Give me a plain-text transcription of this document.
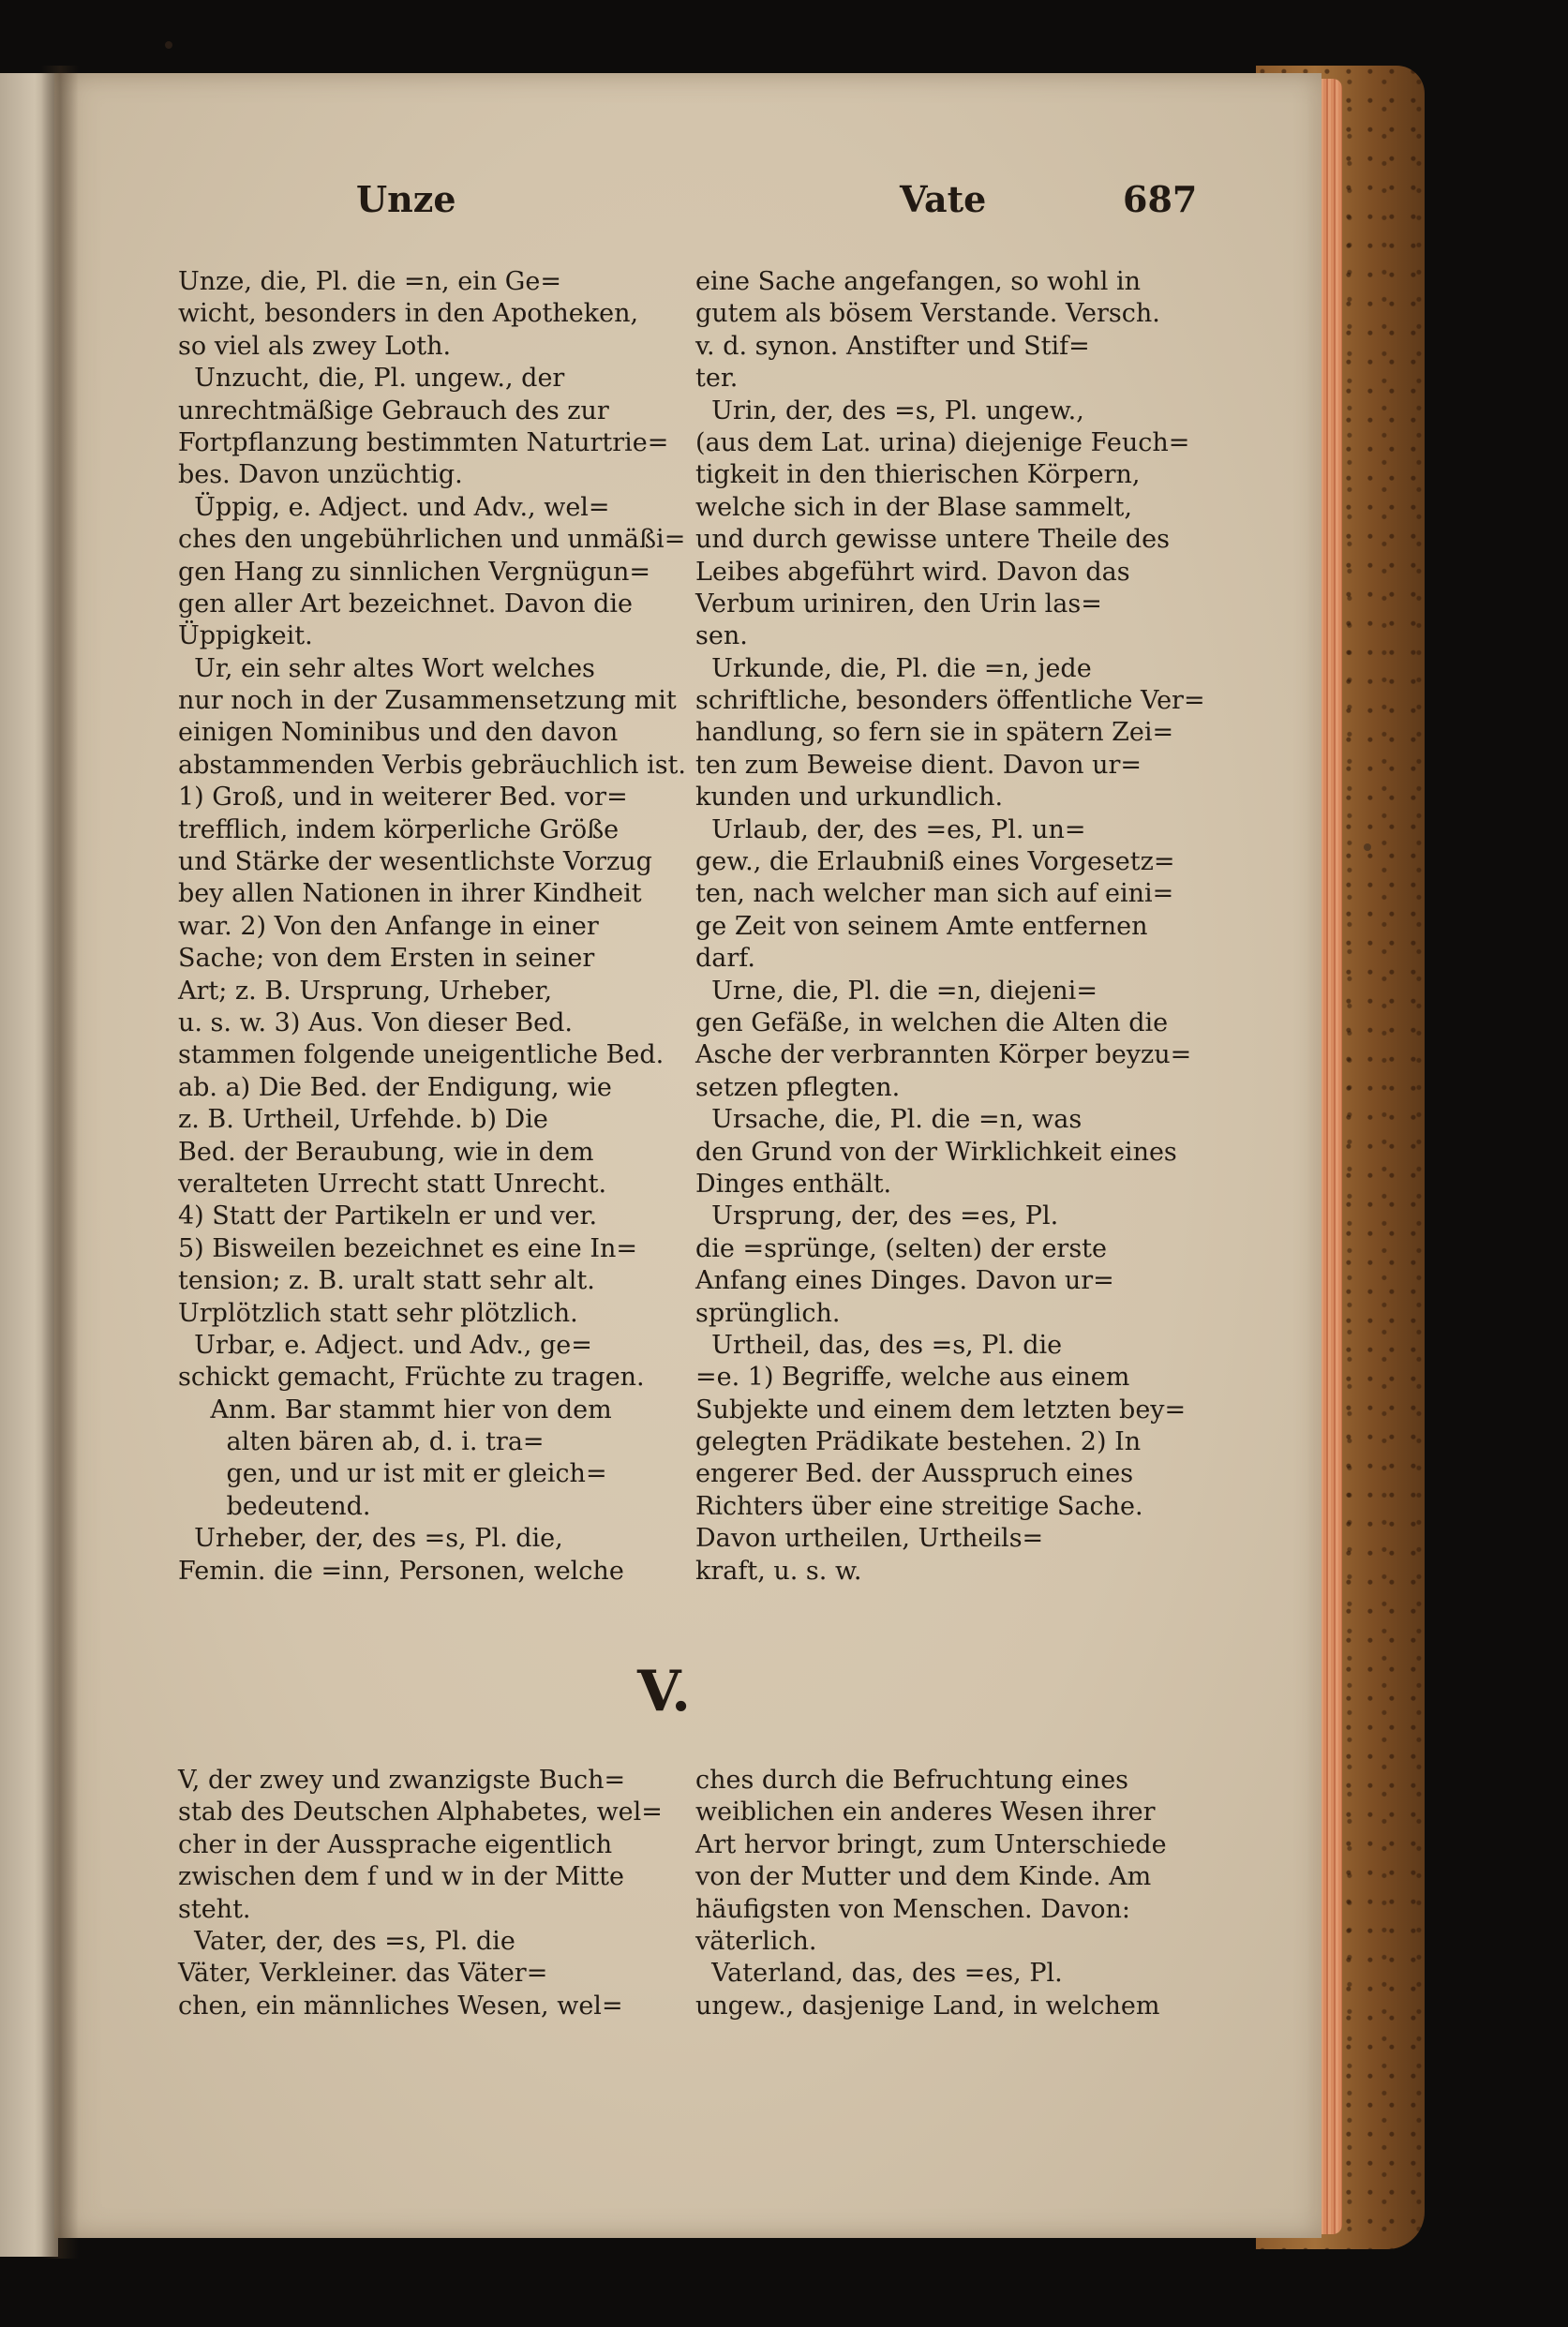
Unze	Vate	687
Unze, die, Pl. die =n, ein Ge=
wicht, besonders in den Apotheken,
so viel als zwey Loth.
Unzucht, die, Pl. ungew., der
unrechtmäßige Gebrauch des zur
Fortpflanzung bestimmten Naturtrie=
bes. Davon unzüchtig.
Üppig, e. Adject. und Adv., wel=
ches den ungebührlichen und unmäßi=
gen Hang zu sinnlichen Vergnügun=
gen aller Art bezeichnet. Davon die
Üppigkeit.
Ur, ein sehr altes Wort welches
nur noch in der Zusammensetzung mit
einigen Nominibus und den davon
abstammenden Verbis gebräuchlich ist.
1) Groß, und in weiterer Bed. vor=
trefflich, indem körperliche Größe
und Stärke der wesentlichste Vorzug
bey allen Nationen in ihrer Kindheit
war. 2) Von den Anfange in einer
Sache; von dem Ersten in seiner
Art; z. B. Ursprung, Urheber,
u. s. w. 3) Aus. Von dieser Bed.
stammen folgende uneigentliche Bed.
ab. a) Die Bed. der Endigung, wie
z. B. Urtheil, Urfehde. b) Die
Bed. der Beraubung, wie in dem
veralteten Urrecht statt Unrecht.
4) Statt der Partikeln er und ver.
5) Bisweilen bezeichnet es eine In=
tension; z. B. uralt statt sehr alt.
Urplötzlich statt sehr plötzlich.
Urbar, e. Adject. und Adv., ge=
schickt gemacht, Früchte zu tragen.
Anm. Bar stammt hier von dem
alten bären ab, d. i. tra=
gen, und ur ist mit er gleich=
bedeutend.
Urheber, der, des =s, Pl. die,
Femin. die =inn, Personen, welche
eine Sache angefangen, so wohl in
gutem als bösem Verstande. Versch.
v. d. synon. Anstifter und Stif=
ter.
Urin, der, des =s, Pl. ungew.,
(aus dem Lat. urina) diejenige Feuch=
tigkeit in den thierischen Körpern,
welche sich in der Blase sammelt,
und durch gewisse untere Theile des
Leibes abgeführt wird. Davon das
Verbum uriniren, den Urin las=
sen.
Urkunde, die, Pl. die =n, jede
schriftliche, besonders öffentliche Ver=
handlung, so fern sie in spätern Zei=
ten zum Beweise dient. Davon ur=
kunden und urkundlich.
Urlaub, der, des =es, Pl. un=
gew., die Erlaubniß eines Vorgesetz=
ten, nach welcher man sich auf eini=
ge Zeit von seinem Amte entfernen
darf.
Urne, die, Pl. die =n, diejeni=
gen Gefäße, in welchen die Alten die
Asche der verbrannten Körper beyzu=
setzen pflegten.
Ursache, die, Pl. die =n, was
den Grund von der Wirklichkeit eines
Dinges enthält.
Ursprung, der, des =es, Pl.
die =sprünge, (selten) der erste
Anfang eines Dinges. Davon ur=
sprünglich.
Urtheil, das, des =s, Pl. die
=e. 1) Begriffe, welche aus einem
Subjekte und einem dem letzten bey=
gelegten Prädikate bestehen. 2) In
engerer Bed. der Ausspruch eines
Richters über eine streitige Sache.
Davon urtheilen, Urtheils=
kraft, u. s. w.
V.
V, der zwey und zwanzigste Buch=
stab des Deutschen Alphabetes, wel=
cher in der Aussprache eigentlich
zwischen dem f und w in der Mitte
steht.
Vater, der, des =s, Pl. die
Väter, Verkleiner. das Väter=
chen, ein männliches Wesen, wel=
ches durch die Befruchtung eines
weiblichen ein anderes Wesen ihrer
Art hervor bringt, zum Unterschiede
von der Mutter und dem Kinde. Am
häufigsten von Menschen. Davon:
väterlich.
Vaterland, das, des =es, Pl.
ungew., dasjenige Land, in welchem
